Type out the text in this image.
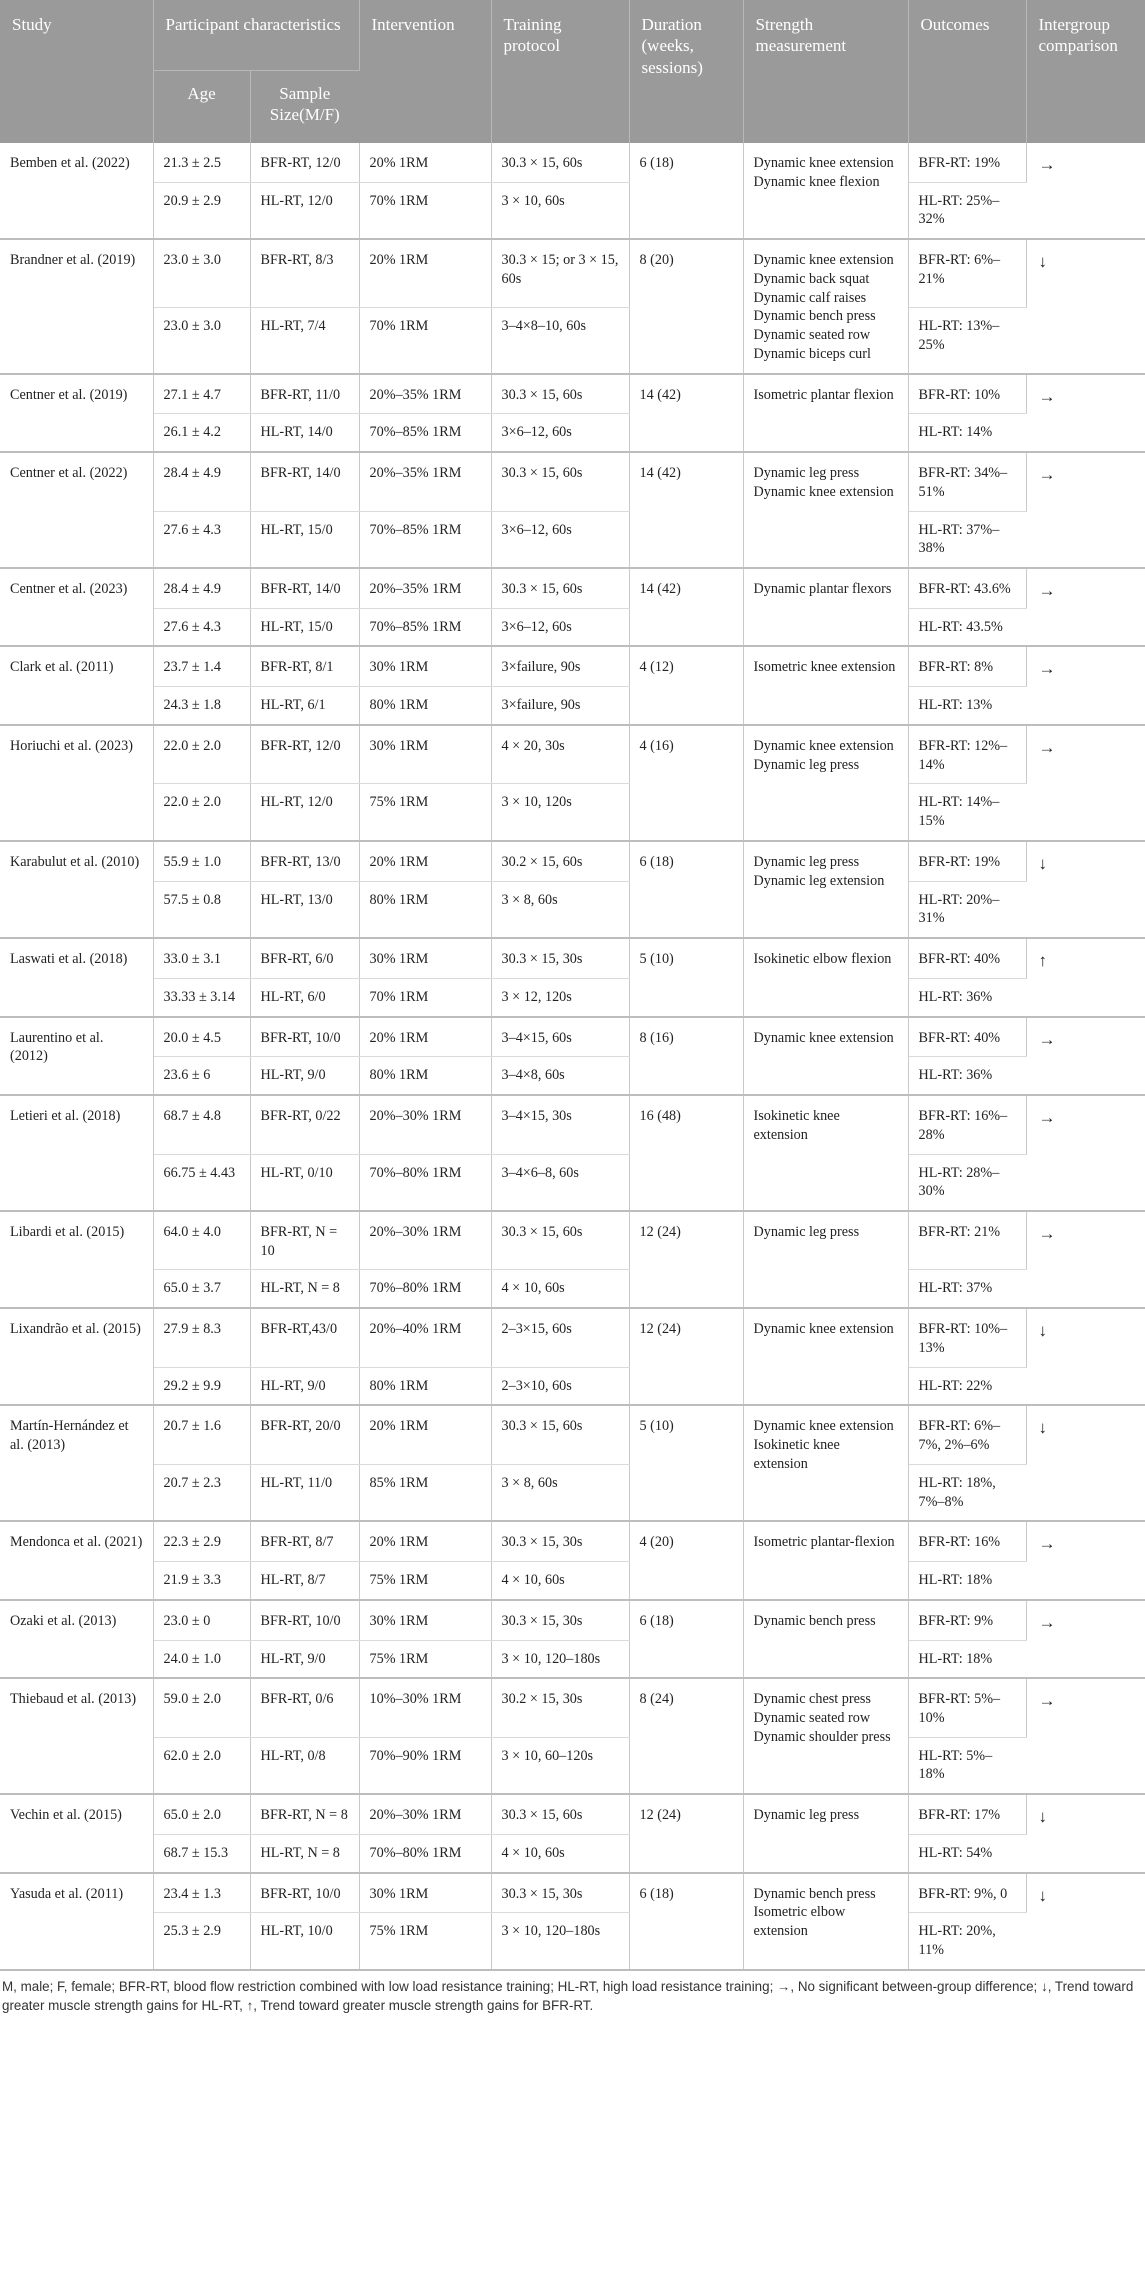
Study	Participant characteristics		Intervention	Training protocol	Duration (weeks, sessions)	Strength measurement	Outcomes	Intergroup comparison
	Age	Sample Size(M/F)						
Bemben et al. (2022)	21.3 ± 2.5	BFR-RT, 12/0	20% 1RM	30.3 × 15, 60s	6 (18)	Dynamic knee extension Dynamic knee flexion	BFR-RT: 19%	→
	20.9 ± 2.9	HL-RT, 12/0	70% 1RM	3 × 10, 60s			HL-RT: 25%–32%	
Brandner et al. (2019)	23.0 ± 3.0	BFR-RT, 8/3	20% 1RM	30.3 × 15; or 3 × 15, 60s	8 (20)	Dynamic knee extension Dynamic back squat Dynamic calf raises Dynamic bench press Dynamic seated row Dynamic biceps curl	BFR-RT: 6%–21%	↓
	23.0 ± 3.0	HL-RT, 7/4	70% 1RM	3–4×8–10, 60s			HL-RT: 13%–25%	
Centner et al. (2019)	27.1 ± 4.7	BFR-RT, 11/0	20%–35% 1RM	30.3 × 15, 60s	14 (42)	Isometric plantar flexion	BFR-RT: 10%	→
	26.1 ± 4.2	HL-RT, 14/0	70%–85% 1RM	3×6–12, 60s			HL-RT: 14%	
Centner et al. (2022)	28.4 ± 4.9	BFR-RT, 14/0	20%–35% 1RM	30.3 × 15, 60s	14 (42)	Dynamic leg press Dynamic knee extension	BFR-RT: 34%–51%	→
	27.6 ± 4.3	HL-RT, 15/0	70%–85% 1RM	3×6–12, 60s			HL-RT: 37%–38%	
Centner et al. (2023)	28.4 ± 4.9	BFR-RT, 14/0	20%–35% 1RM	30.3 × 15, 60s	14 (42)	Dynamic plantar flexors	BFR-RT: 43.6%	→
	27.6 ± 4.3	HL-RT, 15/0	70%–85% 1RM	3×6–12, 60s			HL-RT: 43.5%	
Clark et al. (2011)	23.7 ± 1.4	BFR-RT, 8/1	30% 1RM	3×failure, 90s	4 (12)	Isometric knee extension	BFR-RT: 8%	→
	24.3 ± 1.8	HL-RT, 6/1	80% 1RM	3×failure, 90s			HL-RT: 13%	
Horiuchi et al. (2023)	22.0 ± 2.0	BFR-RT, 12/0	30% 1RM	4 × 20, 30s	4 (16)	Dynamic knee extension Dynamic leg press	BFR-RT: 12%–14%	→
	22.0 ± 2.0	HL-RT, 12/0	75% 1RM	3 × 10, 120s			HL-RT: 14%–15%	
Karabulut et al. (2010)	55.9 ± 1.0	BFR-RT, 13/0	20% 1RM	30.2 × 15, 60s	6 (18)	Dynamic leg press Dynamic leg extension	BFR-RT: 19%	↓
	57.5 ± 0.8	HL-RT, 13/0	80% 1RM	3 × 8, 60s			HL-RT: 20%–31%	
Laswati et al. (2018)	33.0 ± 3.1	BFR-RT, 6/0	30% 1RM	30.3 × 15, 30s	5 (10)	Isokinetic elbow flexion	BFR-RT: 40%	↑
	33.33 ± 3.14	HL-RT, 6/0	70% 1RM	3 × 12, 120s			HL-RT: 36%	
Laurentino et al. (2012)	20.0 ± 4.5	BFR-RT, 10/0	20% 1RM	3–4×15, 60s	8 (16)	Dynamic knee extension	BFR-RT: 40%	→
	23.6 ± 6	HL-RT, 9/0	80% 1RM	3–4×8, 60s			HL-RT: 36%	
Letieri et al. (2018)	68.7 ± 4.8	BFR-RT, 0/22	20%–30% 1RM	3–4×15, 30s	16 (48)	Isokinetic knee extension	BFR-RT: 16%–28%	→
	66.75 ± 4.43	HL-RT, 0/10	70%–80% 1RM	3–4×6–8, 60s			HL-RT: 28%–30%	
Libardi et al. (2015)	64.0 ± 4.0	BFR-RT, N = 10	20%–30% 1RM	30.3 × 15, 60s	12 (24)	Dynamic leg press	BFR-RT: 21%	→
	65.0 ± 3.7	HL-RT, N = 8	70%–80% 1RM	4 × 10, 60s			HL-RT: 37%	
Lixandrão et al. (2015)	27.9 ± 8.3	BFR-RT,43/0	20%–40% 1RM	2–3×15, 60s	12 (24)	Dynamic knee extension	BFR-RT: 10%–13%	↓
	29.2 ± 9.9	HL-RT, 9/0	80% 1RM	2–3×10, 60s			HL-RT: 22%	
Martín-Hernández et al. (2013)	20.7 ± 1.6	BFR-RT, 20/0	20% 1RM	30.3 × 15, 60s	5 (10)	Dynamic knee extension Isokinetic knee extension	BFR-RT: 6%–7%, 2%–6%	↓
	20.7 ± 2.3	HL-RT, 11/0	85% 1RM	3 × 8, 60s			HL-RT: 18%, 7%–8%	
Mendonca et al. (2021)	22.3 ± 2.9	BFR-RT, 8/7	20% 1RM	30.3 × 15, 30s	4 (20)	Isometric plantar-flexion	BFR-RT: 16%	→
	21.9 ± 3.3	HL-RT, 8/7	75% 1RM	4 × 10, 60s			HL-RT: 18%	
Ozaki et al. (2013)	23.0 ± 0	BFR-RT, 10/0	30% 1RM	30.3 × 15, 30s	6 (18)	Dynamic bench press	BFR-RT: 9%	→
	24.0 ± 1.0	HL-RT, 9/0	75% 1RM	3 × 10, 120–180s			HL-RT: 18%	
Thiebaud et al. (2013)	59.0 ± 2.0	BFR-RT, 0/6	10%–30% 1RM	30.2 × 15, 30s	8 (24)	Dynamic chest press Dynamic seated row Dynamic shoulder press	BFR-RT: 5%–10%	→
	62.0 ± 2.0	HL-RT, 0/8	70%–90% 1RM	3 × 10, 60–120s			HL-RT: 5%–18%	
Vechin et al. (2015)	65.0 ± 2.0	BFR-RT, N = 8	20%–30% 1RM	30.3 × 15, 60s	12 (24)	Dynamic leg press	BFR-RT: 17%	↓
	68.7 ± 15.3	HL-RT, N = 8	70%–80% 1RM	4 × 10, 60s			HL-RT: 54%	
Yasuda et al. (2011)	23.4 ± 1.3	BFR-RT, 10/0	30% 1RM	30.3 × 15, 30s	6 (18)	Dynamic bench press Isometric elbow extension	BFR-RT: 9%, 0	↓
	25.3 ± 2.9	HL-RT, 10/0	75% 1RM	3 × 10, 120–180s			HL-RT: 20%, 11%	
M, male; F, female; BFR-RT, blood flow restriction combined with low load resistance training; HL-RT, high load resistance training; →, No significant between-group difference; ↓, Trend toward greater muscle strength gains for HL-RT, ↑, Trend toward greater muscle strength gains for BFR-RT.
